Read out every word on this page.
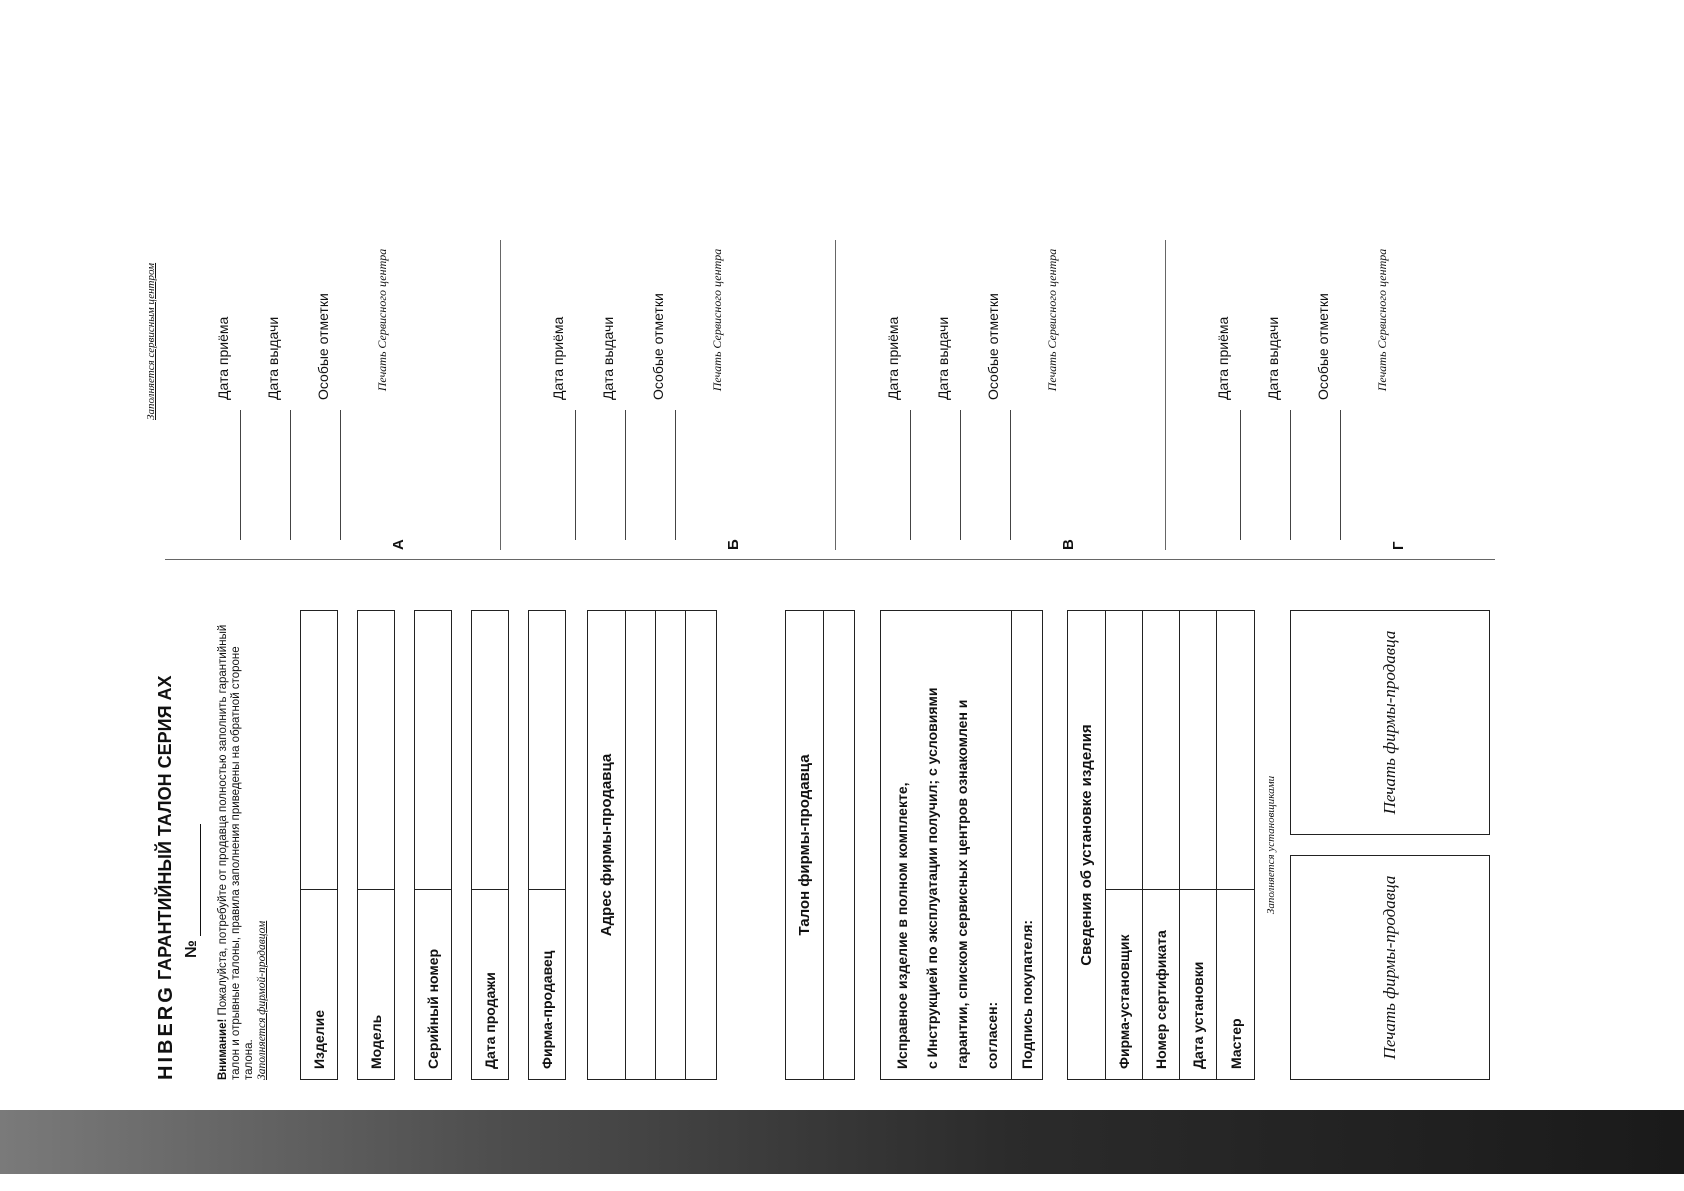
HIBERG
ГАРАНТИЙНЫЙ ТАЛОН СЕРИЯ АХ №
Внимание! Пожалуйста, потребуйте от продавца полностью заполнить гарантийный талон и отрывные талоны, правила заполнения приведены на обратной стороне талона.
Заполняется фирмой-продавцом	Изделие	Модель	Серийный номер	Дата продажи	Фирма-продавец
Адрес фирмы-продавца	Талон фирмы-продавца	Исправное изделие в полном комплекте,	с Инструкцией по эксплуатации получил; с условиями	гарантии, списком сервисных центров ознакомлен и	согласен:	Подпись покупателя:
Сведения об установке изделия
Фирма-установщик	Номер сертификата	Дата установки	Мастер
Заполняется установщиками
Печать фирмы-продавца
Печать фирмы-продавца
Заполняется сервисным центром	Дата приёма Дата выдачи Особые отметки	Печать Сервисного центра
А
Дата приёма Дата выдачи Особые отметки	Печать Сервисного центра
Б
Дата приёма Дата выдачи Особые отметки	Печать Сервисного центра
В
Дата приёма Дата выдачи Особые отметки	Печать Сервисного центра
Г
